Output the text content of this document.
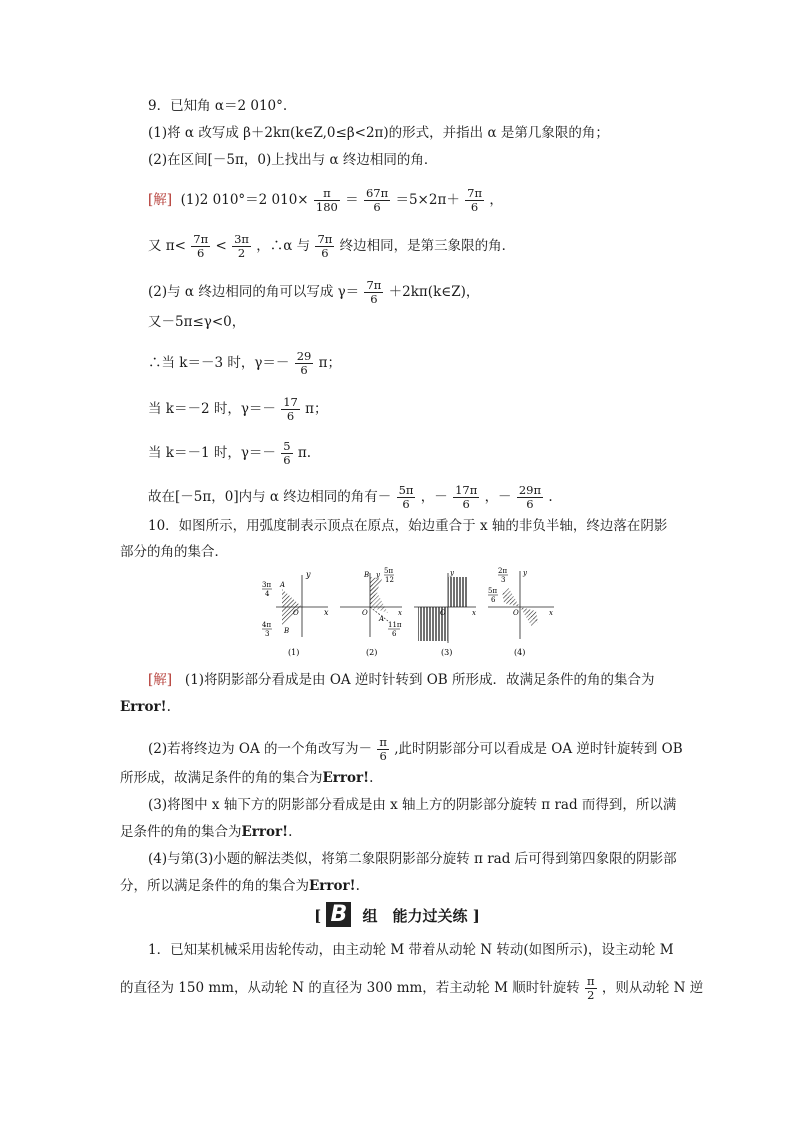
9．已知角 α＝2 010°.
(1)将 α 改写成 β＋2kπ(k∈Z,0≤β<2π)的形式，并指出 α 是第几象限的角；
(2)在区间[－5π，0)上找出与 α 终边相同的角．
[解] (1)2 010°＝2 $010\times \frac{\pi}{180} = \frac{67\pi}{6} =5\times 2\pi+ \frac{7\pi}{6}$ ，
又 $\pi< \frac{7\pi}{6} < \frac{3\pi}{2}$ ，∴α 与 $\frac{7\pi}{6}$ 终边相同，是第三象限的角．
(2)与 α 终边相同的角可以写成 $\gamma= \frac{7\pi}{6}$ ＋2kπ(k∈Z)，
又－5π≤γ<0，
∴当 k＝－3 时，$\gamma=- \frac{29}{6}$ π；
当 k＝－2 时，$\gamma=- \frac{17}{6}$ π；
当 k＝－1 时，$\gamma=- \frac{5}{6} \pi$.
故在[－5π，0]内与 α 终边相同的角有－ $\frac{5\pi}{6}$ ，－ $\frac{17\pi}{6}$ ，－ $\frac{29\pi}{6}$ .
10．如图所示，用弧度制表示顶点在原点，始边重合于 x 轴的非负半轴，终边落在阴影
部分的角的集合．
y
x
O
A
B
3π
4
4π
3
(1)
B y
x
O
A
5π
12
11π
6
(2)
y
x
O
(3)
y
x
O
2π
3
5π
6
(4)
[解] (1)将阴影部分看成是由 OA 逆时针转到 OB 所形成．故满足条件的角的集合为
Error!.
(2)若将终边为 OA 的一个角改写为－ $\frac{\pi}{6}$ ,此时阴影部分可以看成是 OA 逆时针旋转到 OB
所形成，故满足条件的角的集合为Error!.
(3)将图中 x 轴下方的阴影部分看成是由 x 轴上方的阴影部分旋转 π rad 而得到，所以满
足条件的角的集合为Error!.
(4)与第(3)小题的解法类似，将第二象限阴影部分旋转 π rad 后可得到第四象限的阴影部
分，所以满足条件的角的集合为Error!.
[ B 组　能力过关练 ]
1．已知某机械采用齿轮传动，由主动轮 M 带着从动轮 N 转动(如图所示)，设主动轮 M
的直径为 150 mm，从动轮 N 的直径为 300 mm，若主动轮 M 顺时针旋转 $\frac{\pi}{2}$ ，则从动轮 N 逆
